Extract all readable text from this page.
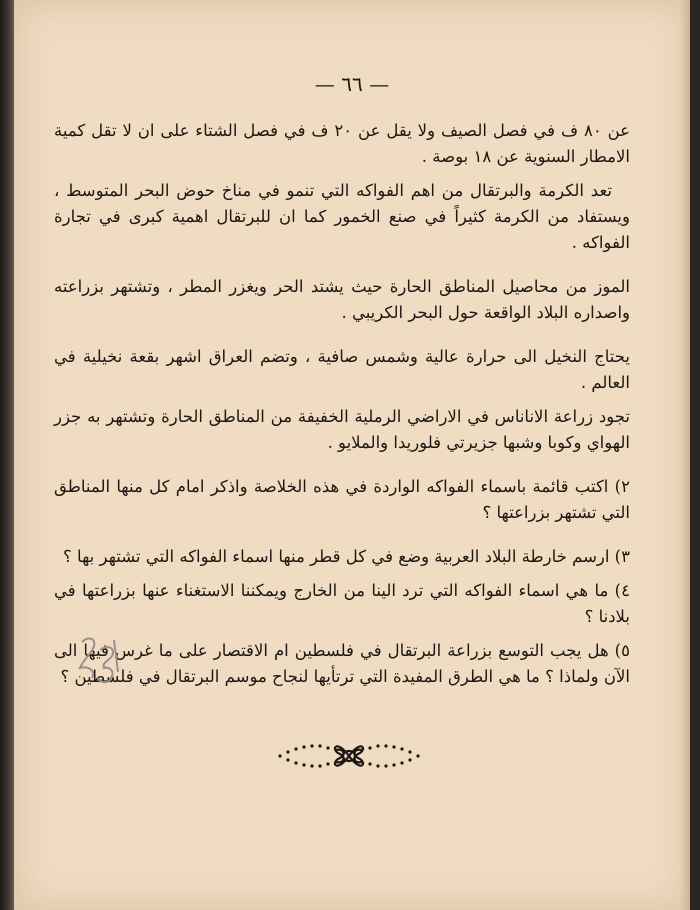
— ٦٦ —

عن ٨٠ ف في فصل الصيف ولا يقل عن ٢٠ ف في فصل الشتاء على ان لا تقل كمية الامطار السنوية عن ١٨ بوصة .

تعد الكرمة والبرتقال من اهم الفواكه التي تنمو في مناخ حوض البحر المتوسط ، ويستفاد من الكرمة كثيراً في صنع الخمور كما ان للبرتقال اهمية كبرى في تجارة الفواكه .

الموز من محاصيل المناطق الحارة حيث يشتد الحر ويغزر المطر ، وتشتهر بزراعته واصداره البلاد الواقعة حول البحر الكريبي .

يحتاج النخيل الى حرارة عالية وشمس صافية ، وتضم العراق اشهر بقعة نخيلية في العالم .

تجود زراعة الاناناس في الاراضي الرملية الخفيفة من المناطق الحارة وتشتهر به جزر الهواي وكوبا وشبها جزيرتي فلوريدا والملايو .

٢) اكتب قائمة باسماء الفواكه الواردة في هذه الخلاصة واذكر امام كل منها المناطق التي تشتهر بزراعتها ؟

٣) ارسم خارطة البلاد العربية وضع في كل قطر منها اسماء الفواكه التي تشتهر بها ؟

٤) ما هي اسماء الفواكه التي ترد الينا من الخارج ويمكننا الاستغناء عنها بزراعتها في بلادنا ؟

٥) هل يجب التوسع بزراعة البرتقال في فلسطين ام الاقتصار على ما غرس فيها الى الآن ولماذا ؟ ما هي الطرق المفيدة التي ترتأيها لنجاح موسم البرتقال في فلسطين ؟
